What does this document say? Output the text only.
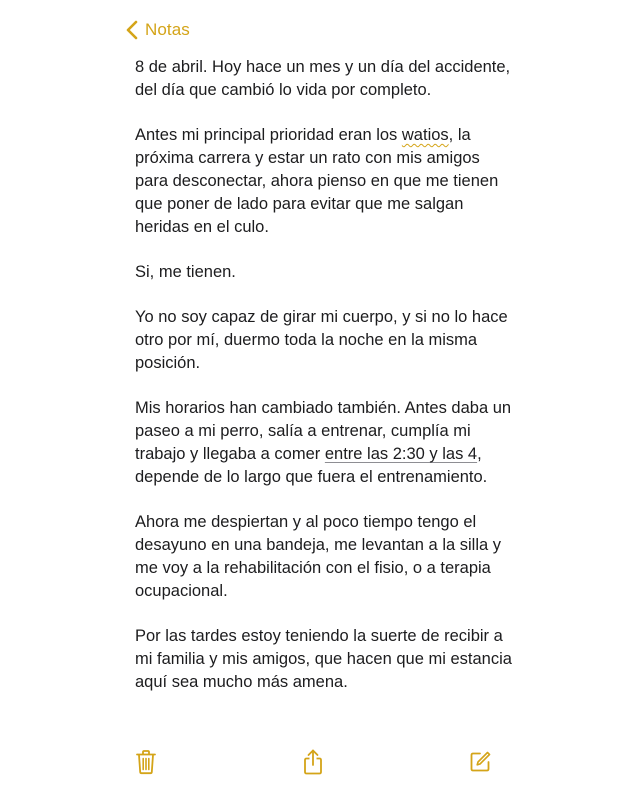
Notas

8 de abril. Hoy hace un mes y un día del accidente, del día que cambió lo vida por completo.

Antes mi principal prioridad eran los watios, la próxima carrera y estar un rato con mis amigos para desconectar, ahora pienso en que me tienen que poner de lado para evitar que me salgan heridas en el culo.

Si, me tienen.

Yo no soy capaz de girar mi cuerpo, y si no lo hace otro por mí, duermo toda la noche en la misma posición.

Mis horarios han cambiado también. Antes daba un paseo a mi perro, salía a entrenar, cumplía mi trabajo y llegaba a comer entre las 2:30 y las 4, depende de lo largo que fuera el entrenamiento.

Ahora me despiertan y al poco tiempo tengo el desayuno en una bandeja, me levantan a la silla y me voy a la rehabilitación con el fisio, o a terapia ocupacional.

Por las tardes estoy teniendo la suerte de recibir a mi familia y mis amigos, que hacen que mi estancia aquí sea mucho más amena.
